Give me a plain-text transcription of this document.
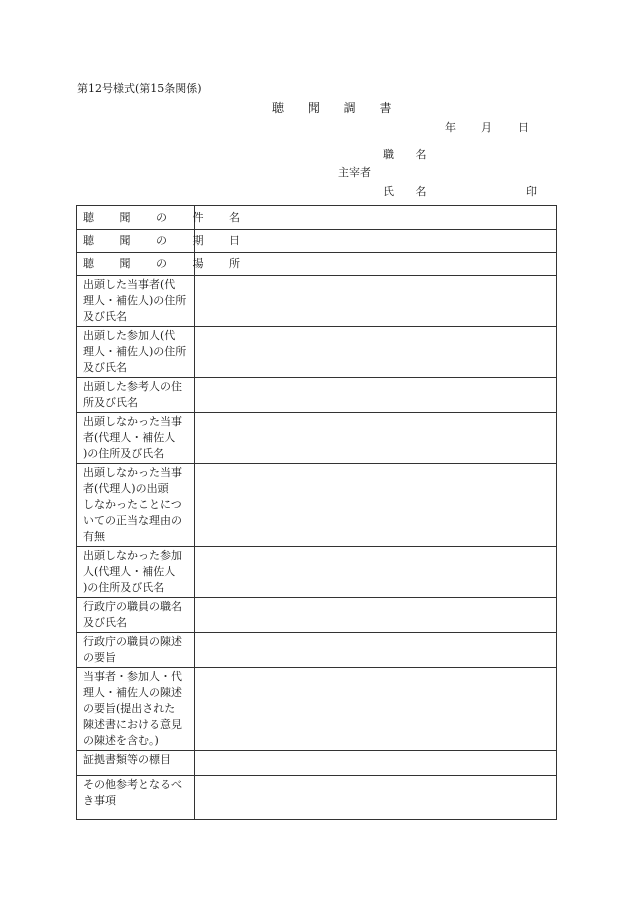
第12号様式(第15条関係)
聴 聞 調 書
年 月 日
職 名
主宰者
氏 名	印
聴 聞 の 件 名	

聴 聞 の 期 日	

聴 聞 の 場 所	

出頭した当事者(代
理人・補佐人)の住所
及び氏名	

出頭した参加人(代
理人・補佐人)の住所
及び氏名	

出頭した参考人の住
所及び氏名	

出頭しなかった当事
者(代理人・補佐人
)の住所及び氏名	

出頭しなかった当事
者(代理人)の出頭
しなかったことにつ
いての正当な理由の
有無	

出頭しなかった参加
人(代理人・補佐人
)の住所及び氏名	

行政庁の職員の職名
及び氏名	

行政庁の職員の陳述
の要旨	

当事者・参加人・代
理人・補佐人の陳述
の要旨(提出された
陳述書における意見
の陳述を含む。)	

証拠書類等の標目	

その他参考となるべ
き事項	
